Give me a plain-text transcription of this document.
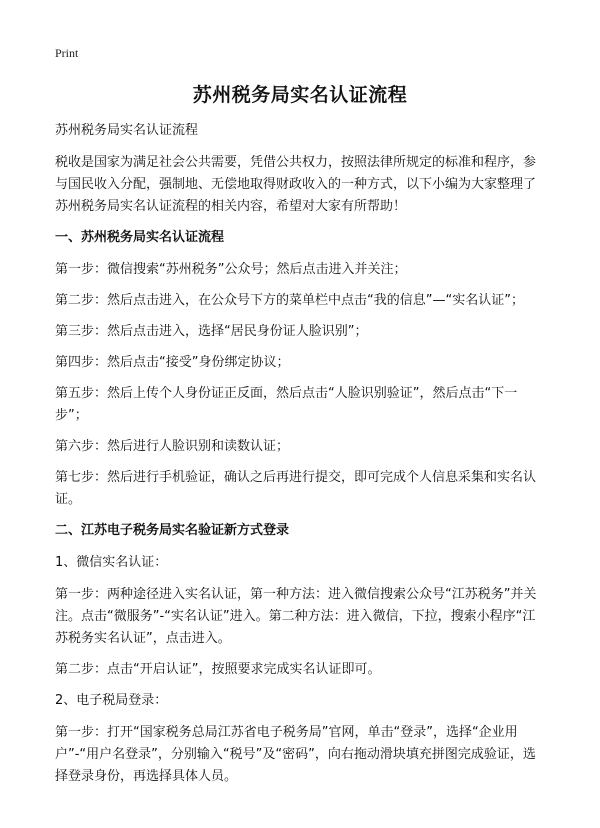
Print
苏州税务局实名认证流程

苏州税务局实名认证流程

税收是国家为满足社会公共需要，凭借公共权力，按照法律所规定的标准和程序，参与国民收入分配，强制地、无偿地取得财政收入的一种方式，以下小编为大家整理了苏州税务局实名认证流程的相关内容，希望对大家有所帮助！

一、苏州税务局实名认证流程

第一步：微信搜索“苏州税务”公众号；然后点击进入并关注；

第二步：然后点击进入，在公众号下方的菜单栏中点击“我的信息”—“实名认证”；

第三步：然后点击进入，选择“居民身份证人脸识别”；

第四步：然后点击“接受”身份绑定协议；

第五步：然后上传个人身份证正反面，然后点击“人脸识别验证”，然后点击“下一步”；

第六步：然后进行人脸识别和读数认证；

第七步：然后进行手机验证，确认之后再进行提交，即可完成个人信息采集和实名认证。

二、江苏电子税务局实名验证新方式登录

1、微信实名认证：

第一步：两种途径进入实名认证，第一种方法：进入微信搜索公众号“江苏税务”并关注。点击“微服务”-“实名认证”进入。第二种方法：进入微信，下拉，搜索小程序“江苏税务实名认证”，点击进入。

第二步：点击“开启认证”，按照要求完成实名认证即可。

2、电子税局登录：

第一步：打开“国家税务总局江苏省电子税务局”官网，单击“登录”，选择“企业用户”-“用户名登录”，分别输入“税号”及“密码”，向右拖动滑块填充拼图完成验证，选择登录身份，再选择具体人员。
